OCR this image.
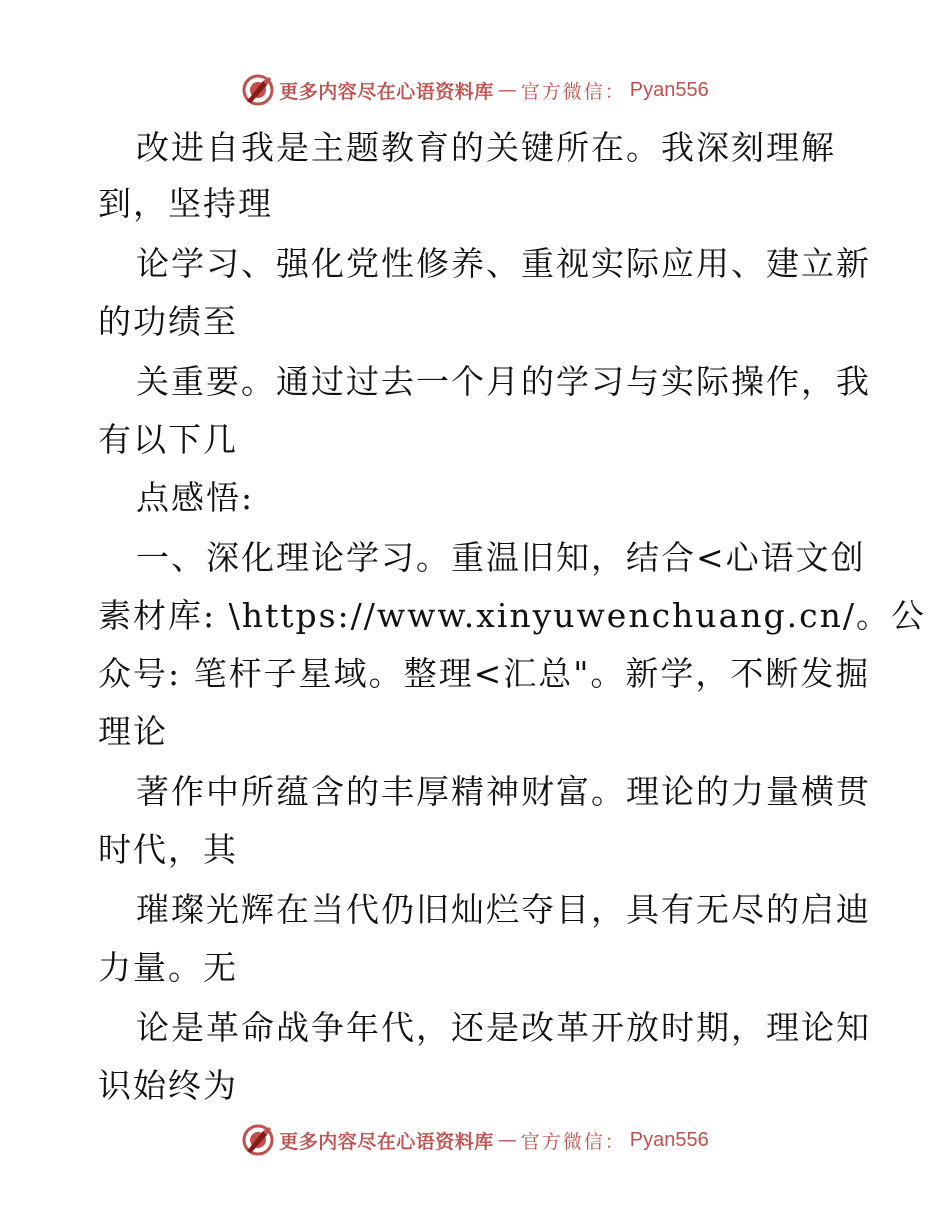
更多内容尽在心语资料库 — 官方微信： Pyan556
改进自我是主题教育的关键所在。我深刻理解
到，坚持理
论学习、强化党性修养、重视实际应用、建立新
的功绩至
关重要。通过过去一个月的学习与实际操作，我
有以下几
点感悟:
一、深化理论学习。重温旧知，结合<心语文创
素材库: \https://www.xinyuwenchuang.cn/。公
众号: 笔杆子星域。整理<汇总"。新学，不断发掘
理论
著作中所蕴含的丰厚精神财富。理论的力量横贯
时代，其
璀璨光辉在当代仍旧灿烂夺目，具有无尽的启迪
力量。无
论是革命战争年代，还是改革开放时期，理论知
识始终为
更多内容尽在心语资料库 — 官方微信： Pyan556
